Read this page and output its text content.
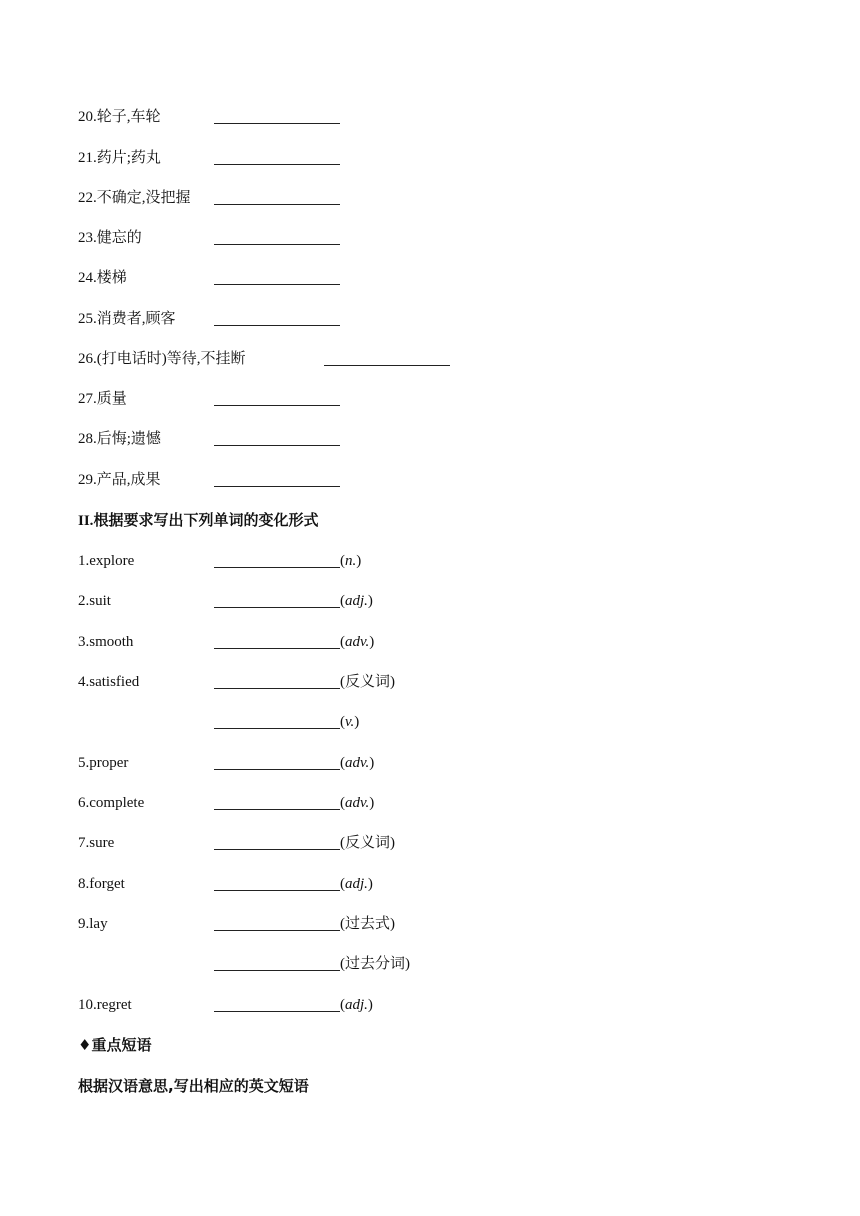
20.轮子,车轮
21.药片;药丸
22.不确定,没把握
23.健忘的
24.楼梯
25.消费者,顾客
26.(打电话时)等待,不挂断
27.质量
28.后悔;遗憾
29.产品,成果
II.根据要求写出下列单词的变化形式
1.explore	(n.)
2.suit	(adj.)
3.smooth	(adv.)
4.satisfied	(反义词)
(v.)
5.proper	(adv.)
6.complete	(adv.)
7.sure	(反义词)
8.forget	(adj.)
9.lay	(过去式)
(过去分词)
10.regret	(adj.)
♦重点短语
根据汉语意思,写出相应的英文短语
